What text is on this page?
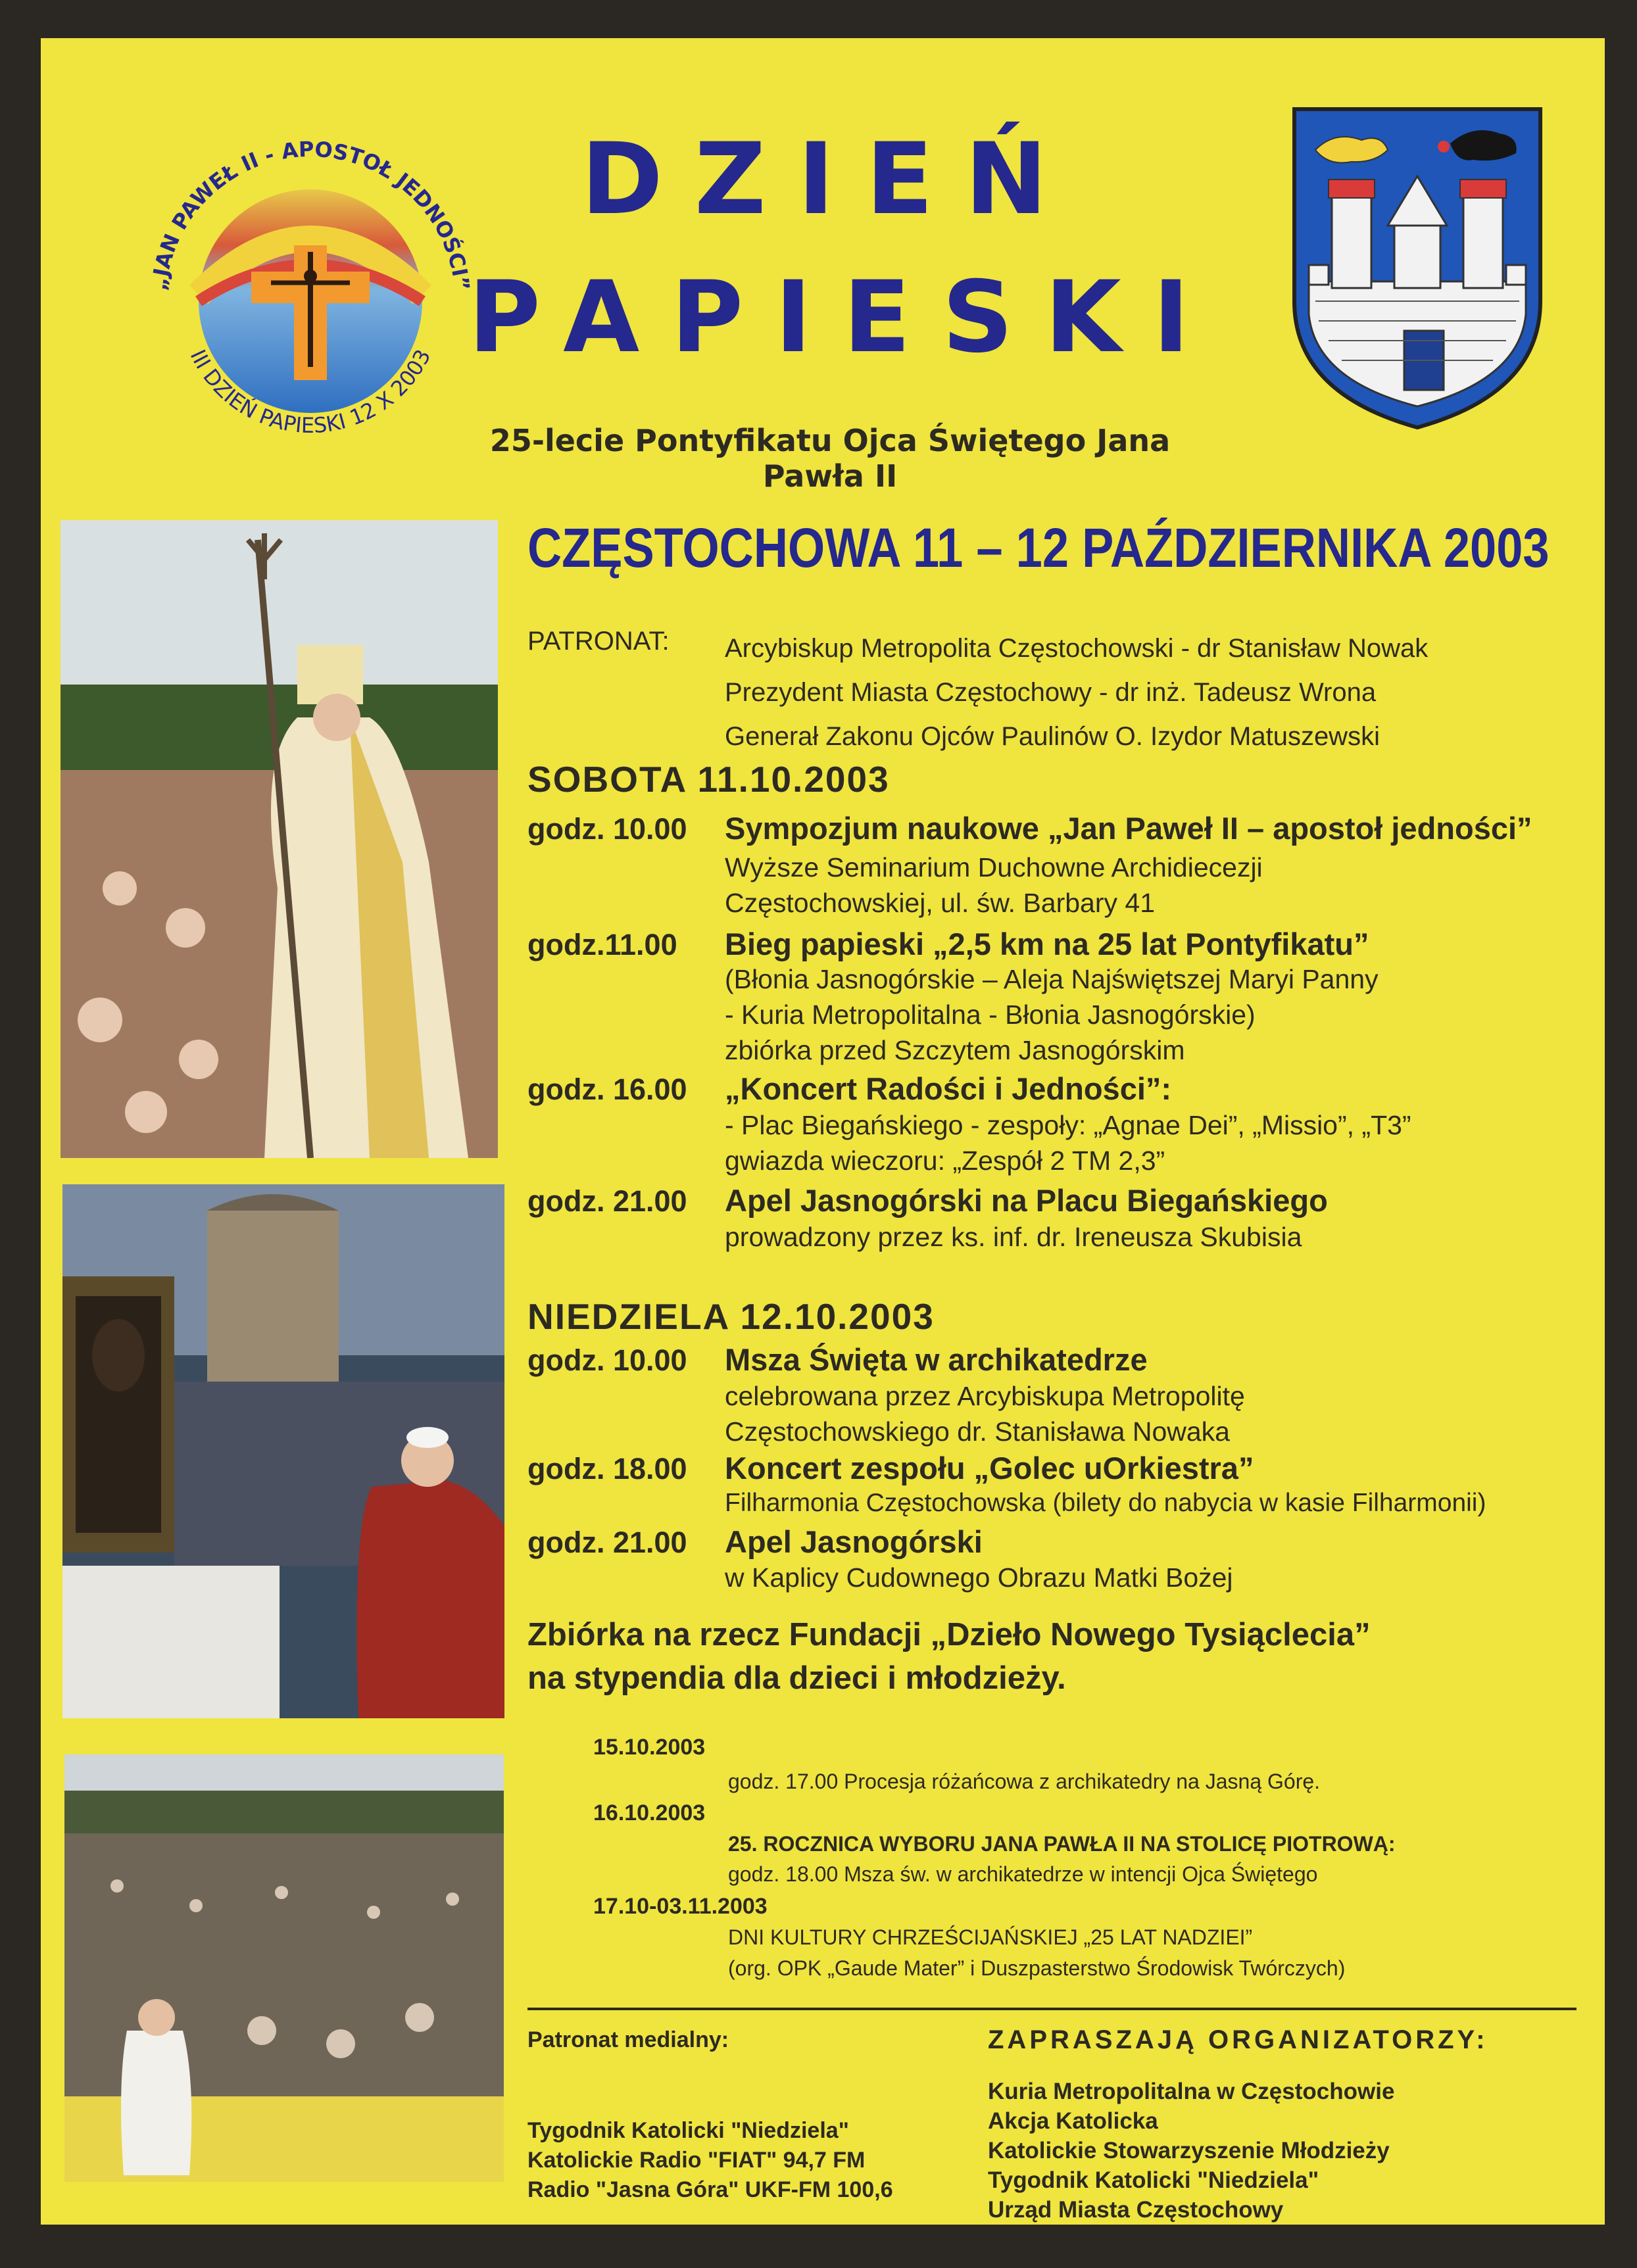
„JAN PAWEŁ II - APOSTOŁ JEDNOŚCI”
III DZIEŃ PAPIESKI 12 X 2003
DZIEŃ
PAPIESKI
25-lecie Pontyfikatu Ojca Świętego Jana Pawła II
CZĘSTOCHOWA 11 – 12 PAŹDZIERNIKA 2003
PATRONAT: Arcybiskup Metropolita Częstochowski - dr Stanisław Nowak
Prezydent Miasta Częstochowy - dr inż. Tadeusz Wrona
Generał Zakonu Ojców Paulinów O. Izydor Matuszewski
SOBOTA 11.10.2003
godz. 10.00 Sympozjum naukowe „Jan Paweł II – apostoł jedności”
Wyższe Seminarium Duchowne Archidiecezji
Częstochowskiej, ul. św. Barbary 41
godz.11.00 Bieg papieski „2,5 km na 25 lat Pontyfikatu”
(Błonia Jasnogórskie – Aleja Najświętszej Maryi Panny
- Kuria Metropolitalna - Błonia Jasnogórskie)
zbiórka przed Szczytem Jasnogórskim
godz. 16.00 „Koncert Radości i Jedności”:
- Plac Biegańskiego - zespoły: „Agnae Dei”, „Missio”, „T3”
gwiazda wieczoru: „Zespół 2 TM 2,3”
godz. 21.00 Apel Jasnogórski na Placu Biegańskiego
prowadzony przez ks. inf. dr. Ireneusza Skubisia
NIEDZIELA 12.10.2003
godz. 10.00 Msza Święta w archikatedrze
celebrowana przez Arcybiskupa Metropolitę
Częstochowskiego dr. Stanisława Nowaka
godz. 18.00 Koncert zespołu „Golec uOrkiestra”
Filharmonia Częstochowska (bilety do nabycia w kasie Filharmonii)
godz. 21.00 Apel Jasnogórski
w Kaplicy Cudownego Obrazu Matki Bożej
Zbiórka na rzecz Fundacji „Dzieło Nowego Tysiąclecia”
na stypendia dla dzieci i młodzieży.
15.10.2003
godz. 17.00 Procesja różańcowa z archikatedry na Jasną Górę.
16.10.2003
25. ROCZNICA WYBORU JANA PAWŁA II NA STOLICĘ PIOTROWĄ:
godz. 18.00 Msza św. w archikatedrze w intencji Ojca Świętego
17.10-03.11.2003
DNI KULTURY CHRZEŚCIJAŃSKIEJ „25 LAT NADZIEI”
(org. OPK „Gaude Mater” i Duszpasterstwo Środowisk Twórczych)
Patronat medialny:
Tygodnik Katolicki "Niedziela"
Katolickie Radio "FIAT" 94,7 FM
Radio "Jasna Góra" UKF-FM 100,6
ZAPRASZAJĄ ORGANIZATORZY:
Kuria Metropolitalna w Częstochowie
Akcja Katolicka
Katolickie Stowarzyszenie Młodzieży
Tygodnik Katolicki "Niedziela"
Urząd Miasta Częstochowy
